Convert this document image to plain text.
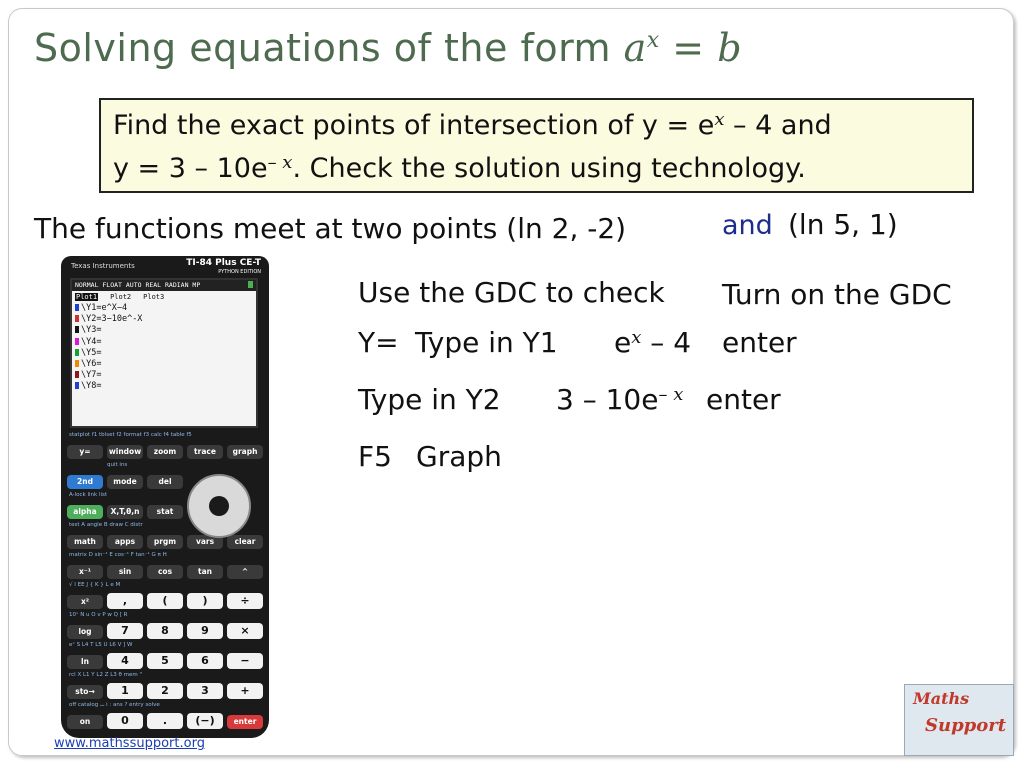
Solving equations of the form $a^x = b$
Find the exact points of intersection of $y = e^x - 4$ and
$y = 3 - 10e^{- x}$. Check the solution using technology.
The functions meet at two points (ln 2, -2)	and (ln 5, 1)
Use the GDC to check Turn on the GDC
Y= Type in Y1 $e^x - 4$ enter
Type in Y2 $3 - 10e^{- x}$ enter
F5 Graph
Texas Instruments	TI-84 Plus CE-T
PYTHON EDITION
NORMAL FLOAT AUTO REAL RADIAN MP
Plot1 Plot2 Plot3
\Y1=e^X−4
\Y2=3−10e^-X
\Y3=
\Y4=
\Y5=
\Y6=
\Y7=
\Y8=
statplot f1 tblset f2 format f3 calc f4 table f5
y=	window	zoom	trace	graph
quit ins
2nd	mode	del
A-lock link list
alpha	X,T,θ,n	stat
test A angle B draw C distr
math	apps	prgm	vars	clear
matrix D sin⁻¹ E cos⁻¹ F tan⁻¹ G π H
x⁻¹	sin	cos	tan	^
√ I EE J { K } L e M
x²	,	(	)	÷
10ˣ N u O v P w Q [ R
log	7	8	9	×
eˣ S L4 T L5 U L6 V ] W
ln	4	5	6	−
rcl X L1 Y L2 Z L3 θ mem "
sto→	1	2	3	+
off catalog ⌴ i : ans ? entry solve
on	0	.	(−)	enter
www.mathssupport.org
Maths
Support
